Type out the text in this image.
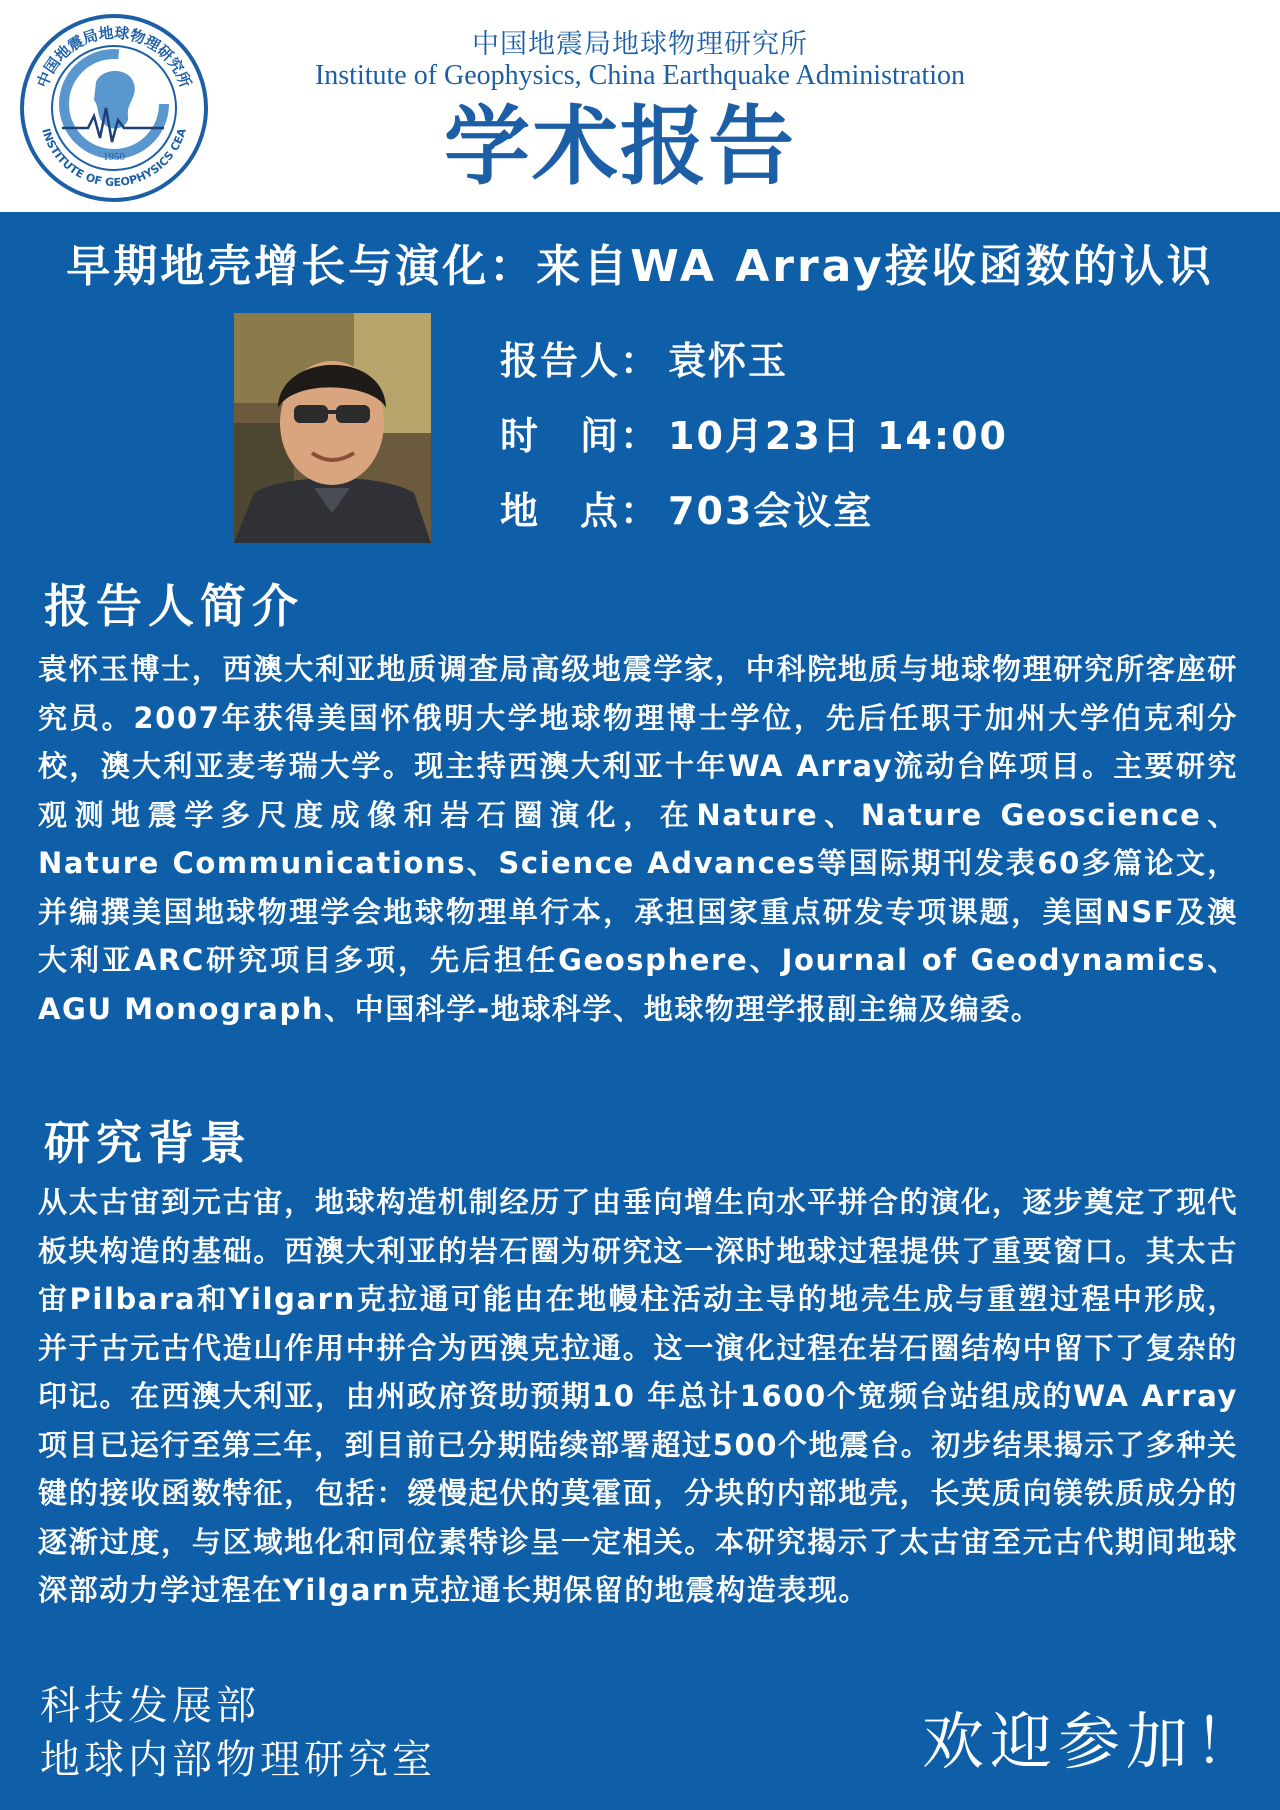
中国地震局地球物理研究所
INSTITUTE OF GEOPHYSICS CEA
1950
中国地震局地球物理研究所
Institute of Geophysics, China Earthquake Administration
学术报告
早期地壳增长与演化：来自WA Array接收函数的认识
报告人： 袁怀玉
时　间： 10月23日 14:00
地　点： 703会议室
报告人简介
袁怀玉博士，西澳大利亚地质调查局高级地震学家，中科院地质与地球物理研究所客座研究员。2007年获得美国怀俄明大学地球物理博士学位，先后任职于加州大学伯克利分校，澳大利亚麦考瑞大学。现主持西澳大利亚十年WA Array流动台阵项目。主要研究观测地震学多尺度成像和岩石圈演化，在Nature、Nature Geoscience、 Nature Communications、Science Advances等国际期刊发表60多篇论文，并编撰美国地球物理学会地球物理单行本，承担国家重点研发专项课题，美国NSF及澳大利亚ARC研究项目多项，先后担任Geosphere、Journal of Geodynamics、AGU Monograph、中国科学-地球科学、地球物理学报副主编及编委。
研究背景
从太古宙到元古宙，地球构造机制经历了由垂向增生向水平拼合的演化，逐步奠定了现代板块构造的基础。西澳大利亚的岩石圈为研究这一深时地球过程提供了重要窗口。其太古宙Pilbara和Yilgarn克拉通可能由在地幔柱活动主导的地壳生成与重塑过程中形成，并于古元古代造山作用中拼合为西澳克拉通。这一演化过程在岩石圈结构中留下了复杂的印记。在西澳大利亚，由州政府资助预期10 年总计1600个宽频台站组成的WA Array项目已运行至第三年，到目前已分期陆续部署超过500个地震台。初步结果揭示了多种关键的接收函数特征，包括：缓慢起伏的莫霍面，分块的内部地壳，长英质向镁铁质成分的逐渐过度，与区域地化和同位素特诊呈一定相关。本研究揭示了太古宙至元古代期间地球深部动力学过程在Yilgarn克拉通长期保留的地震构造表现。
科技发展部
地球内部物理研究室	欢迎参加！
